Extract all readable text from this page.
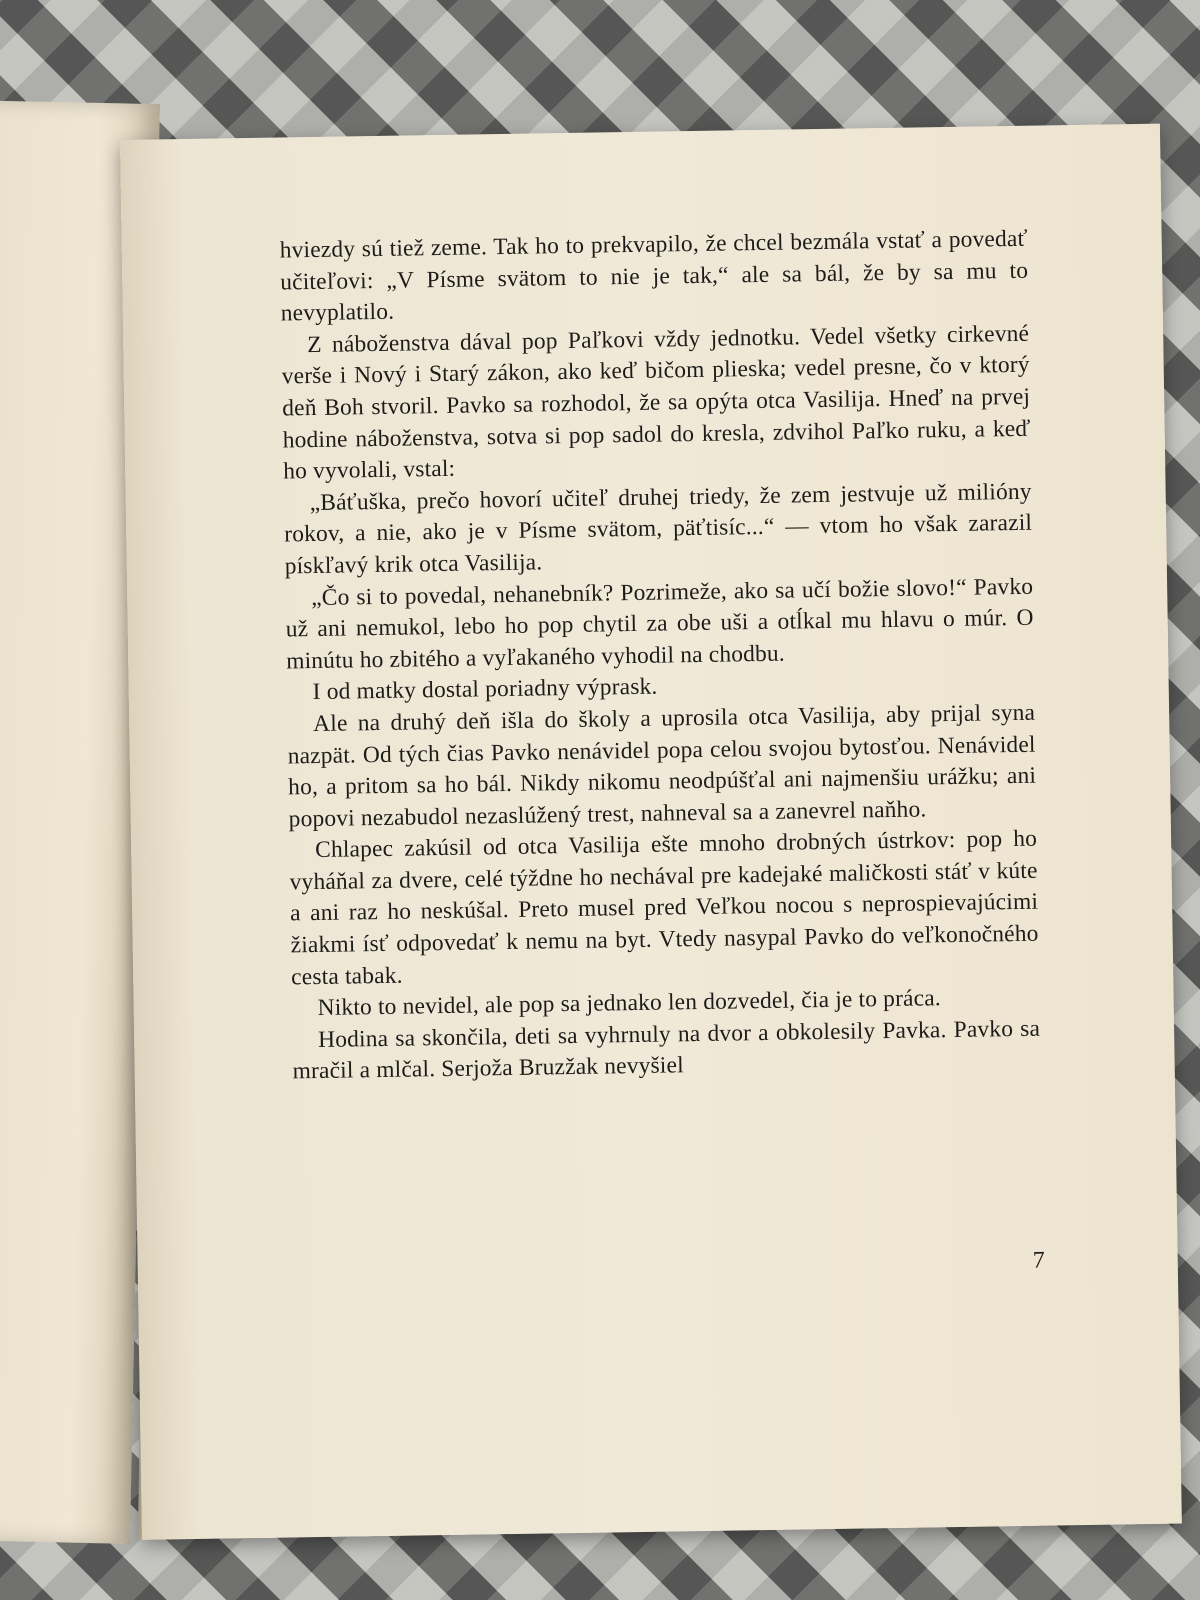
hviezdy sú tiež zeme. Tak ho to prekvapilo, že chcel bezmála vstať a povedať učiteľovi: „V Písme svätom to nie je tak,“ ale sa bál, že by sa mu to nevyplatilo.

Z náboženstva dával pop Paľkovi vždy jednotku. Vedel všetky cirkevné verše i Nový i Starý zákon, ako keď bičom plieska; vedel presne, čo v ktorý deň Boh stvoril. Pavko sa rozhodol, že sa opýta otca Vasilija. Hneď na prvej hodine náboženstva, sotva si pop sadol do kresla, zdvihol Paľko ruku, a keď ho vyvolali, vstal:

„Báťuška, prečo hovorí učiteľ druhej triedy, že zem jestvuje už milióny rokov, a nie, ako je v Písme svätom, päťtisíc...“ — vtom ho však zarazil pískľavý krik otca Vasilija.

„Čo si to povedal, nehanebník? Pozrimeže, ako sa učí božie slovo!“ Pavko už ani nemukol, lebo ho pop chytil za obe uši a otĺkal mu hlavu o múr. O minútu ho zbitého a vyľakaného vyhodil na chodbu.

I od matky dostal poriadny výprask.

Ale na druhý deň išla do školy a uprosila otca Vasilija, aby prijal syna nazpät. Od tých čias Pavko nenávidel popa celou svojou bytosťou. Nenávidel ho, a pritom sa ho bál. Nikdy nikomu neodpúšťal ani najmenšiu urážku; ani popovi nezabudol nezaslúžený trest, nahneval sa a zanevrel naňho.

Chlapec zakúsil od otca Vasilija ešte mnoho drobných ústrkov: pop ho vyháňal za dvere, celé týždne ho nechával pre kadejaké maličkosti stáť v kúte a ani raz ho neskúšal. Preto musel pred Veľkou nocou s neprospievajúcimi žiakmi ísť odpovedať k nemu na byt. Vtedy nasypal Pavko do veľkonočného cesta tabak.

Nikto to nevidel, ale pop sa jednako len dozvedel, čia je to práca.

Hodina sa skončila, deti sa vyhrnuly na dvor a obkolesily Pavka. Pavko sa mračil a mlčal. Serjoža Bruzžak nevyšiel

7
